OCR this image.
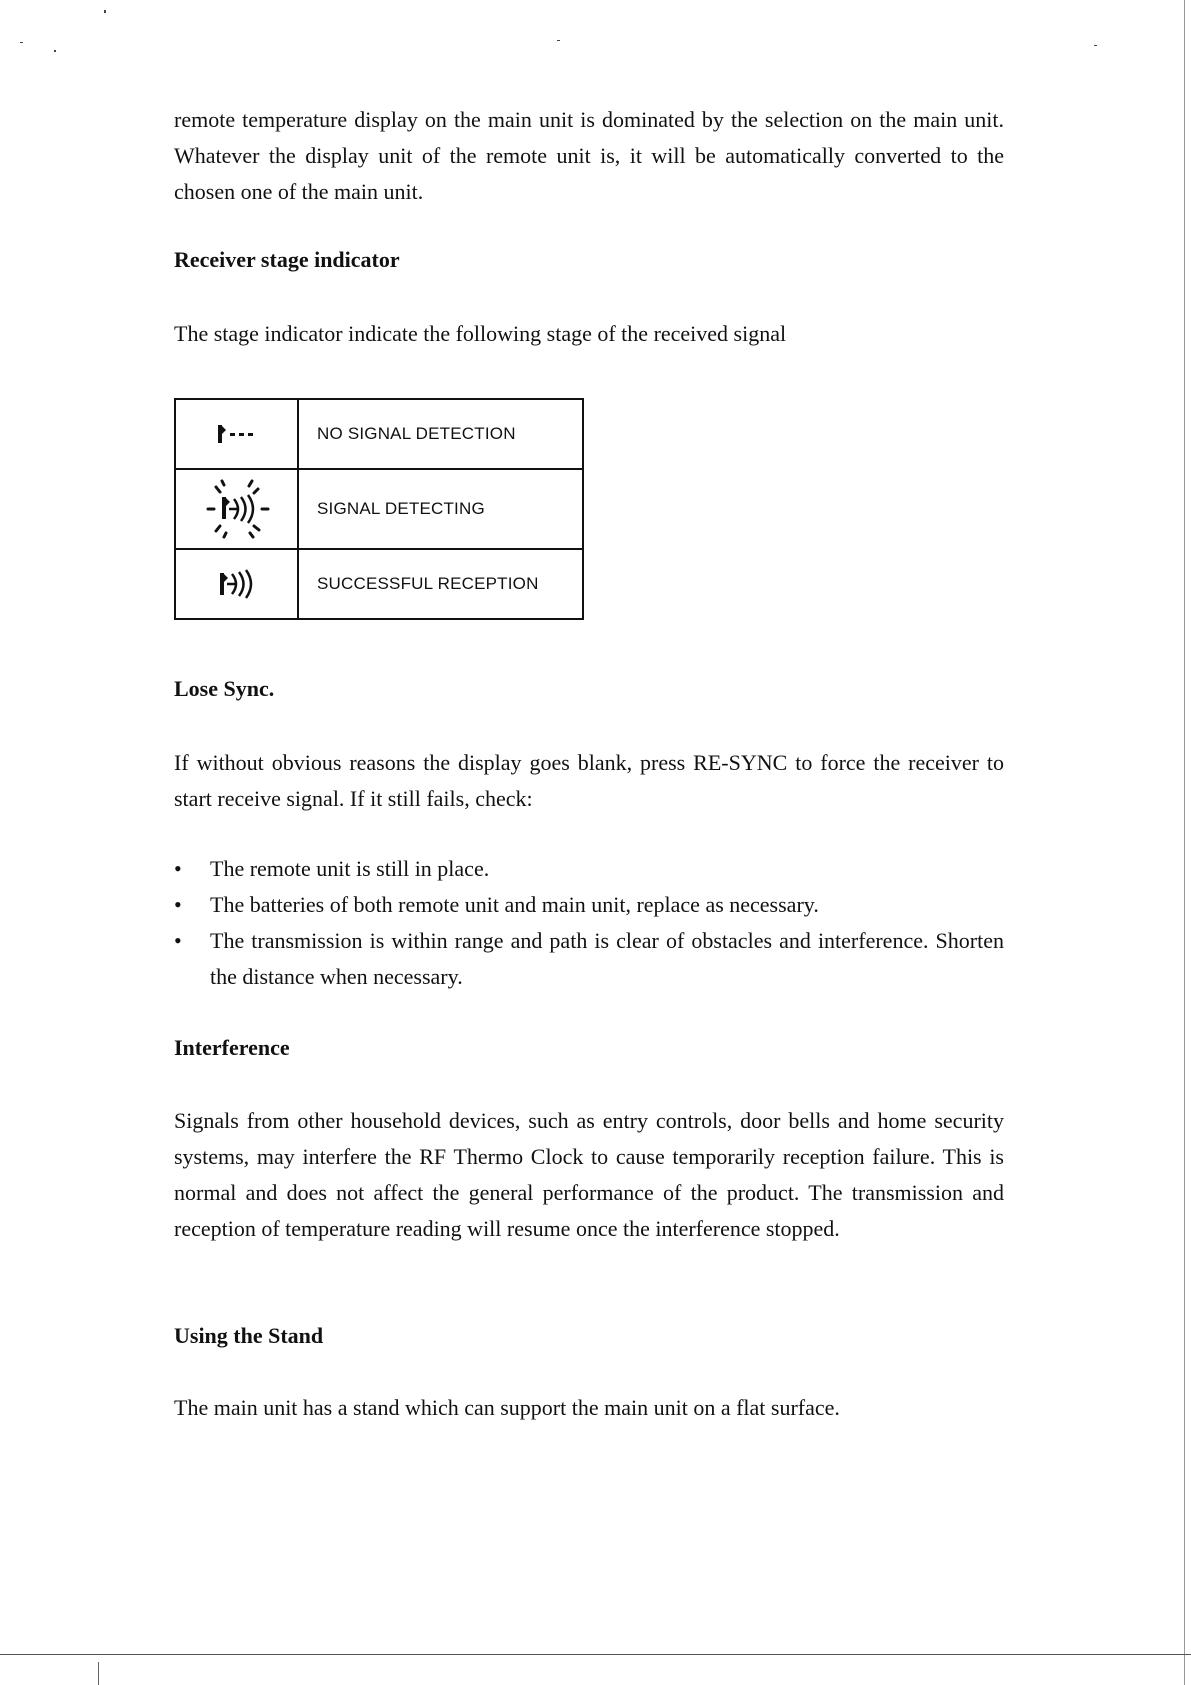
remote temperature display on the main unit is dominated by the selection on the main unit. Whatever the display unit of the remote unit is, it will be automatically converted to the chosen one of the main unit.

Receiver stage indicator

The stage indicator indicate the following stage of the received signal

	NO SIGNAL DETECTION

	SIGNAL DETECTING

	SUCCESSFUL RECEPTION
Lose Sync.

If without obvious reasons the display goes blank, press RE-SYNC to force the receiver to start receive signal. If it still fails, check:

• The remote unit is still in place.
• The batteries of both remote unit and main unit, replace as necessary.
• The transmission is within range and path is clear of obstacles and interference. Shorten the distance when necessary.
Interference

Signals from other household devices, such as entry controls, door bells and home security systems, may interfere the RF Thermo Clock to cause temporarily reception failure. This is normal and does not affect the general performance of the product. The transmission and reception of temperature reading will resume once the interference stopped.

Using the Stand

The main unit has a stand which can support the main unit on a flat surface.
